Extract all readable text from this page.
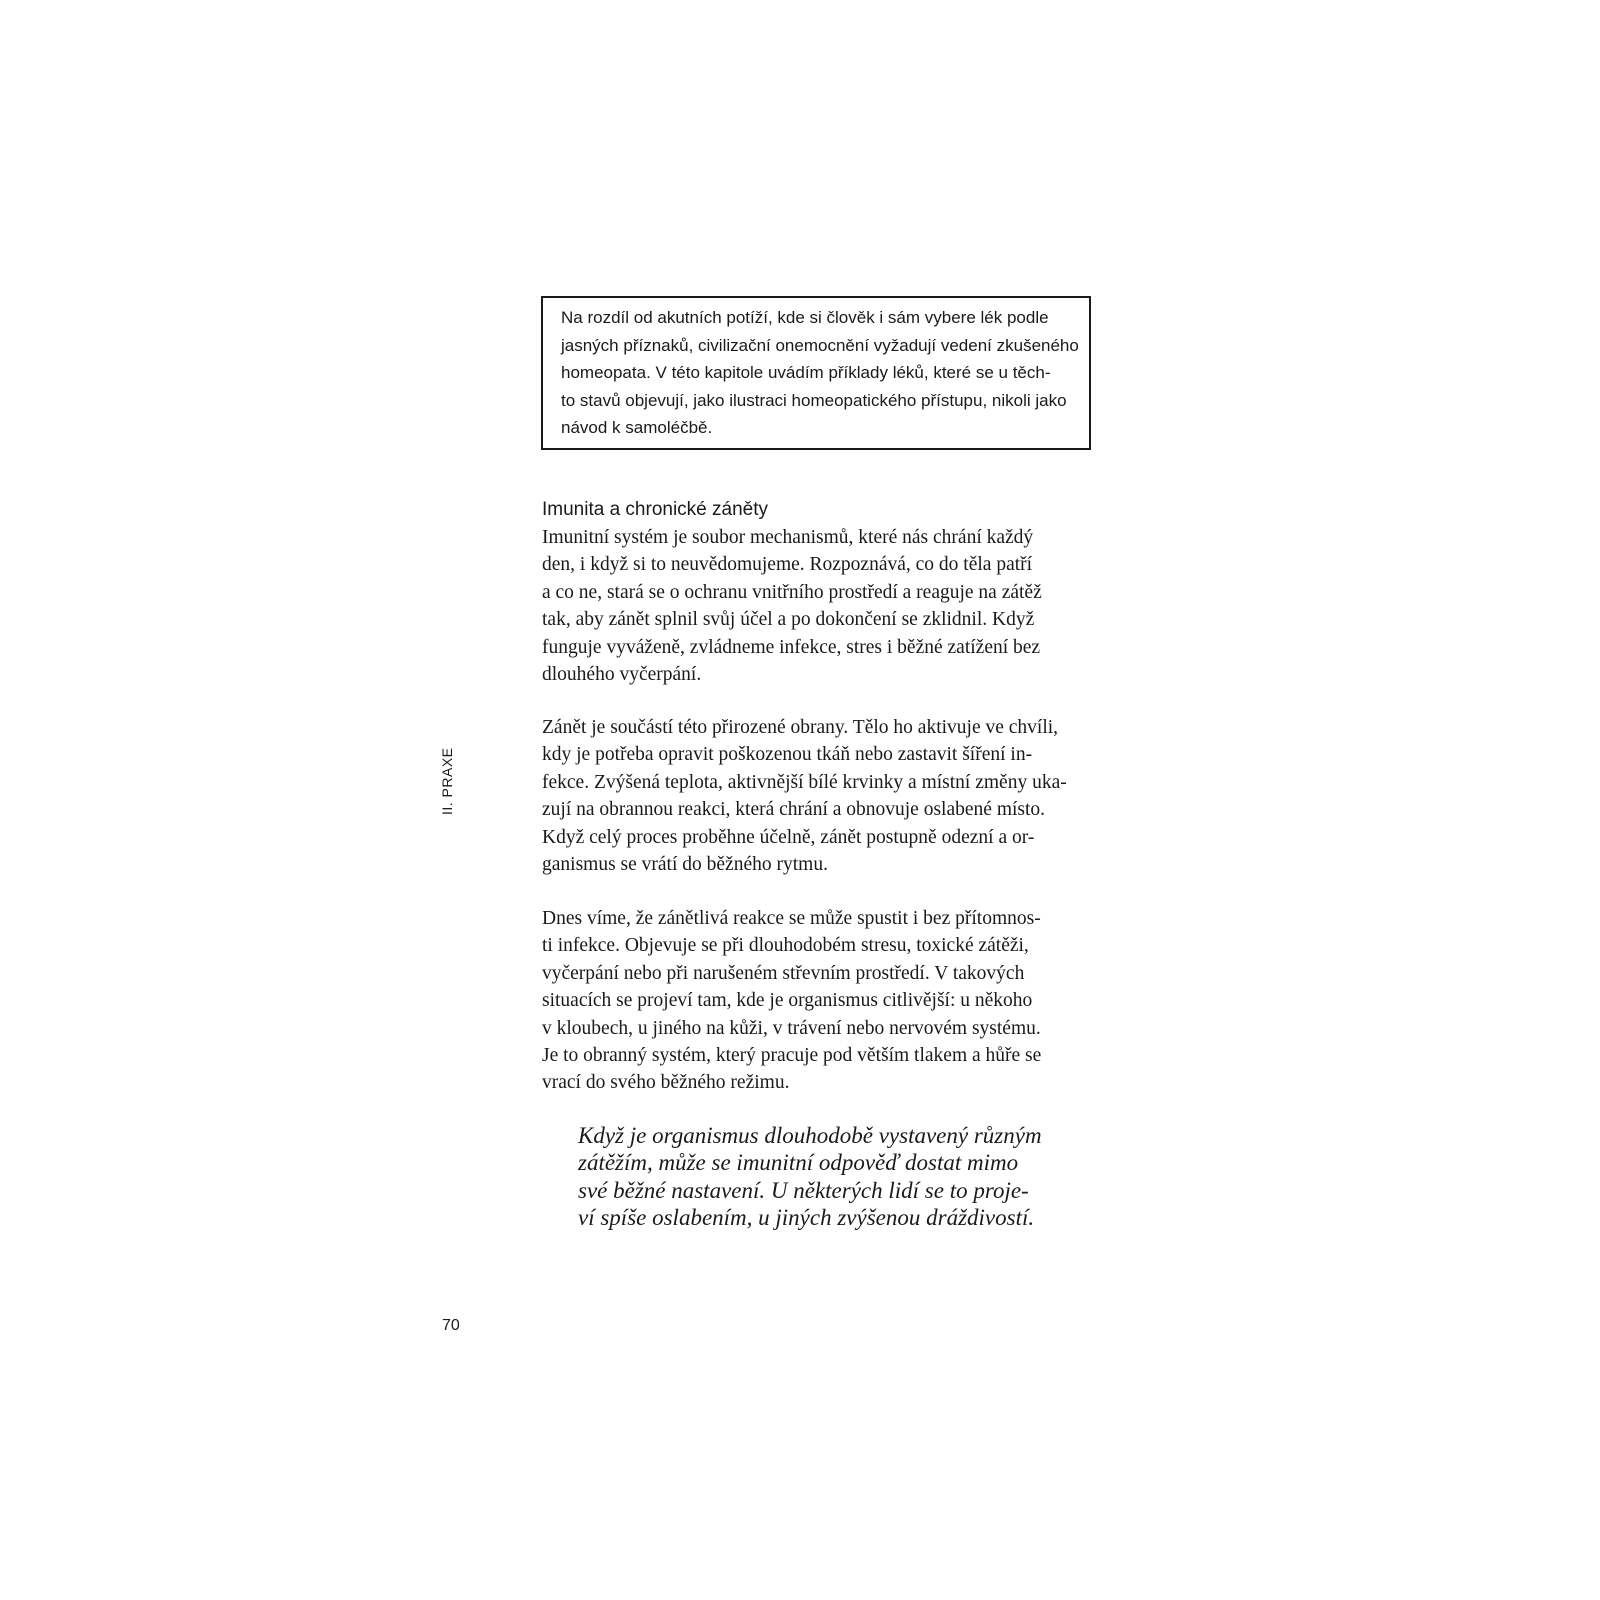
Na rozdíl od akutních potíží, kde si člověk i sám vybere lék podle
jasných příznaků, civilizační onemocnění vyžadují vedení zkušeného
homeopata. V této kapitole uvádím příklady léků, které se u těch-
to stavů objevují, jako ilustraci homeopatického přístupu, nikoli jako
návod k samoléčbě.
Imunita a chronické záněty
Imunitní systém je soubor mechanismů, které nás chrání každý
den, i když si to neuvědomujeme. Rozpoznává, co do těla patří
a co ne, stará se o ochranu vnitřního prostředí a reaguje na zátěž
tak, aby zánět splnil svůj účel a po dokončení se zklidnil. Když
funguje vyváženě, zvládneme infekce, stres i běžné zatížení bez
dlouhého vyčerpání.
Zánět je součástí této přirozené obrany. Tělo ho aktivuje ve chvíli,
kdy je potřeba opravit poškozenou tkáň nebo zastavit šíření in-
fekce. Zvýšená teplota, aktivnější bílé krvinky a místní změny uka-
zují na obrannou reakci, která chrání a obnovuje oslabené místo.
Když celý proces proběhne účelně, zánět postupně odezní a or-
ganismus se vrátí do běžného rytmu.
Dnes víme, že zánětlivá reakce se může spustit i bez přítomnos-
ti infekce. Objevuje se při dlouhodobém stresu, toxické zátěži,
vyčerpání nebo při narušeném střevním prostředí. V takových
situacích se projeví tam, kde je organismus citlivější: u někoho
v kloubech, u jiného na kůži, v trávení nebo nervovém systému.
Je to obranný systém, který pracuje pod větším tlakem a hůře se
vrací do svého běžného režimu.
Když je organismus dlouhodobě vystavený různým
zátěžím, může se imunitní odpověď dostat mimo
své běžné nastavení. U některých lidí se to proje-
ví spíše oslabením, u jiných zvýšenou dráždivostí.
II. PRAXE
70
